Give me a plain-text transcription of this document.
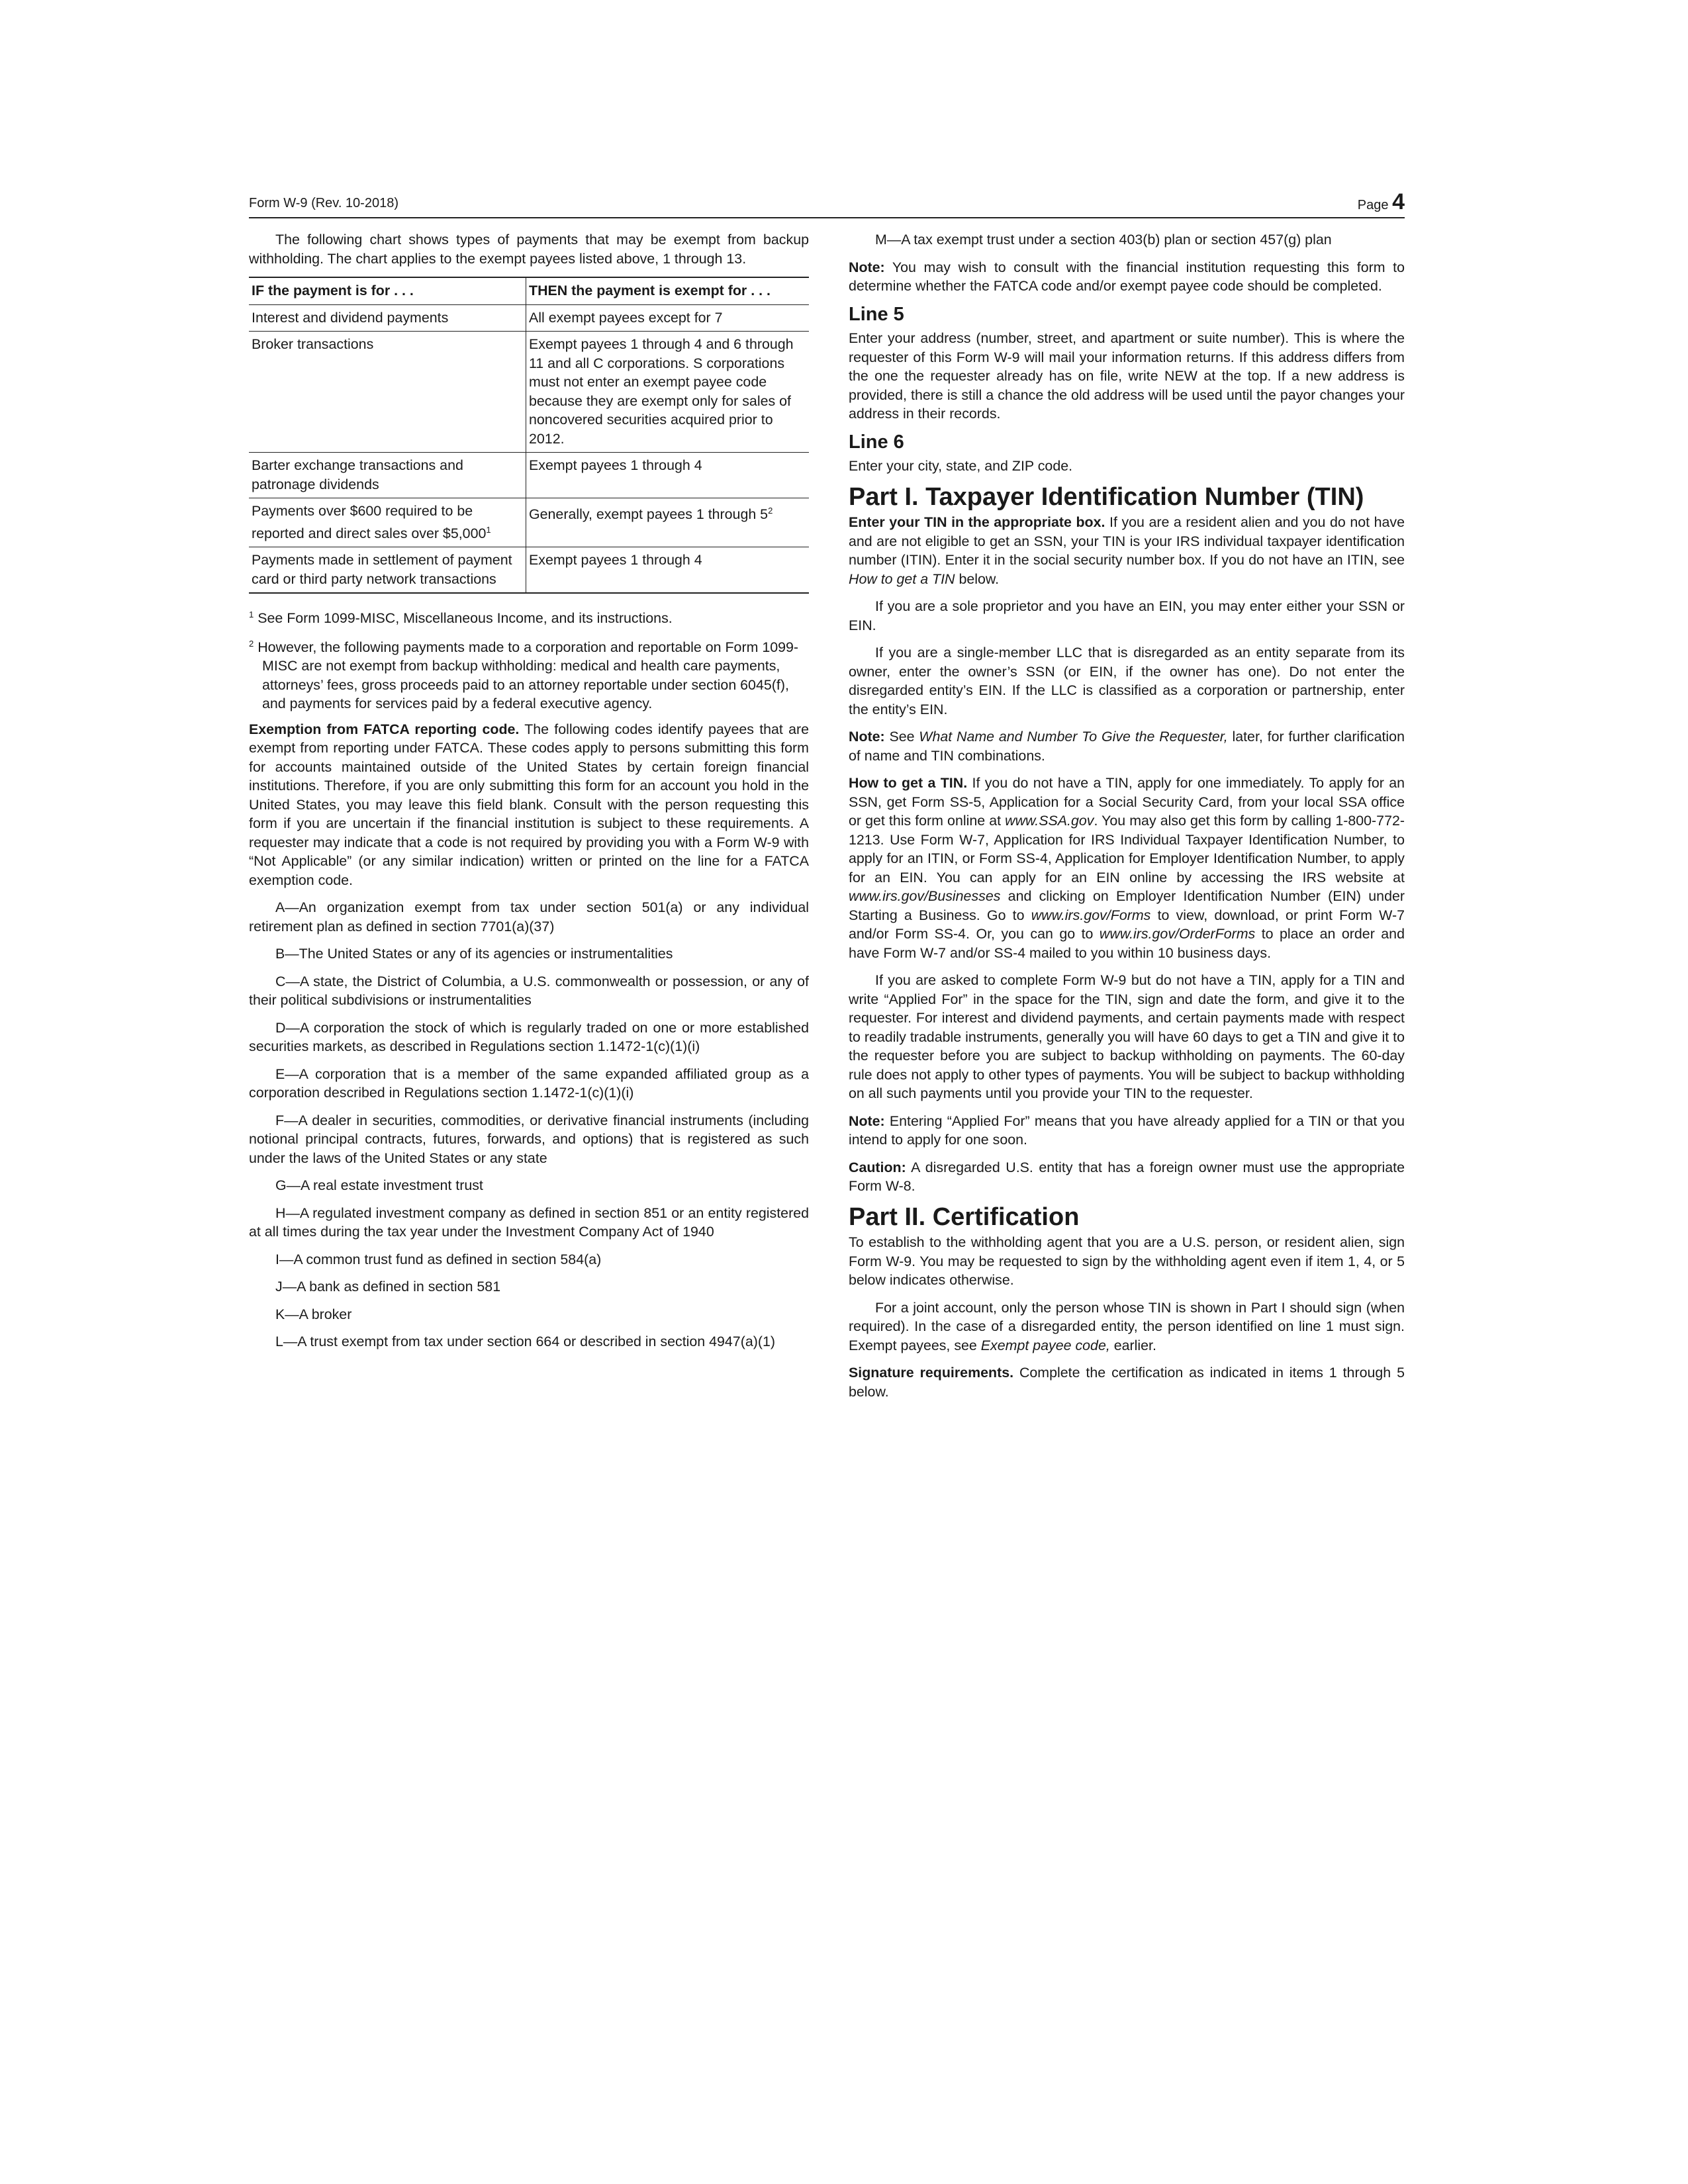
Form W-9 (Rev. 10-2018)	Page 4

The following chart shows types of payments that may be exempt from backup withholding. The chart applies to the exempt payees listed above, 1 through 13.

IF the payment is for . . .	THEN the payment is exempt for . . .
Interest and dividend payments	All exempt payees except for 7
Broker transactions	Exempt payees 1 through 4 and 6 through 11 and all C corporations. S corporations must not enter an exempt payee code because they are exempt only for sales of noncovered securities acquired prior to 2012.
Barter exchange transactions and patronage dividends	Exempt payees 1 through 4
Payments over $600 required to be reported and direct sales over $5,000$^1$	Generally, exempt payees 1 through $5^2$
Payments made in settlement of payment card or third party network transactions	Exempt payees 1 through 4
$^1$ See Form 1099-MISC, Miscellaneous Income, and its instructions.
$^2$ However, the following payments made to a corporation and reportable on Form 1099-MISC are not exempt from backup withholding: medical and health care payments, attorneys’ fees, gross proceeds paid to an attorney reportable under section 6045(f), and payments for services paid by a federal executive agency.

Exemption from FATCA reporting code. The following codes identify payees that are exempt from reporting under FATCA. These codes apply to persons submitting this form for accounts maintained outside of the United States by certain foreign financial institutions. Therefore, if you are only submitting this form for an account you hold in the United States, you may leave this field blank. Consult with the person requesting this form if you are uncertain if the financial institution is subject to these requirements. A requester may indicate that a code is not required by providing you with a Form W-9 with “Not Applicable” (or any similar indication) written or printed on the line for a FATCA exemption code.

A—An organization exempt from tax under section 501(a) or any individual retirement plan as defined in section 7701(a)(37)

B—The United States or any of its agencies or instrumentalities

C—A state, the District of Columbia, a U.S. commonwealth or possession, or any of their political subdivisions or instrumentalities

D—A corporation the stock of which is regularly traded on one or more established securities markets, as described in Regulations section 1.1472-1(c)(1)(i)

E—A corporation that is a member of the same expanded affiliated group as a corporation described in Regulations section 1.1472-1(c)(1)(i)

F—A dealer in securities, commodities, or derivative financial instruments (including notional principal contracts, futures, forwards, and options) that is registered as such under the laws of the United States or any state

G—A real estate investment trust

H—A regulated investment company as defined in section 851 or an entity registered at all times during the tax year under the Investment Company Act of 1940

I—A common trust fund as defined in section 584(a)

J—A bank as defined in section 581

K—A broker

L—A trust exempt from tax under section 664 or described in section 4947(a)(1)

M—A tax exempt trust under a section 403(b) plan or section 457(g) plan

Note: You may wish to consult with the financial institution requesting this form to determine whether the FATCA code and/or exempt payee code should be completed.

Line 5

Enter your address (number, street, and apartment or suite number). This is where the requester of this Form W-9 will mail your information returns. If this address differs from the one the requester already has on file, write NEW at the top. If a new address is provided, there is still a chance the old address will be used until the payor changes your address in their records.

Line 6

Enter your city, state, and ZIP code.

Part I. Taxpayer Identification Number (TIN)

Enter your TIN in the appropriate box. If you are a resident alien and you do not have and are not eligible to get an SSN, your TIN is your IRS individual taxpayer identification number (ITIN). Enter it in the social security number box. If you do not have an ITIN, see How to get a TIN below.

If you are a sole proprietor and you have an EIN, you may enter either your SSN or EIN.

If you are a single-member LLC that is disregarded as an entity separate from its owner, enter the owner’s SSN (or EIN, if the owner has one). Do not enter the disregarded entity’s EIN. If the LLC is classified as a corporation or partnership, enter the entity’s EIN.

Note: See What Name and Number To Give the Requester, later, for further clarification of name and TIN combinations.

How to get a TIN. If you do not have a TIN, apply for one immediately. To apply for an SSN, get Form SS-5, Application for a Social Security Card, from your local SSA office or get this form online at www.SSA.gov. You may also get this form by calling 1-800-772-1213. Use Form W-7, Application for IRS Individual Taxpayer Identification Number, to apply for an ITIN, or Form SS-4, Application for Employer Identification Number, to apply for an EIN. You can apply for an EIN online by accessing the IRS website at www.irs.gov/Businesses and clicking on Employer Identification Number (EIN) under Starting a Business. Go to www.irs.gov/Forms to view, download, or print Form W-7 and/or Form SS-4. Or, you can go to www.irs.gov/OrderForms to place an order and have Form W-7 and/or SS-4 mailed to you within 10 business days.

If you are asked to complete Form W-9 but do not have a TIN, apply for a TIN and write “Applied For” in the space for the TIN, sign and date the form, and give it to the requester. For interest and dividend payments, and certain payments made with respect to readily tradable instruments, generally you will have 60 days to get a TIN and give it to the requester before you are subject to backup withholding on payments. The 60-day rule does not apply to other types of payments. You will be subject to backup withholding on all such payments until you provide your TIN to the requester.

Note: Entering “Applied For” means that you have already applied for a TIN or that you intend to apply for one soon.

Caution: A disregarded U.S. entity that has a foreign owner must use the appropriate Form W-8.

Part II. Certification

To establish to the withholding agent that you are a U.S. person, or resident alien, sign Form W-9. You may be requested to sign by the withholding agent even if item 1, 4, or 5 below indicates otherwise.

For a joint account, only the person whose TIN is shown in Part I should sign (when required). In the case of a disregarded entity, the person identified on line 1 must sign. Exempt payees, see Exempt payee code, earlier.

Signature requirements. Complete the certification as indicated in items 1 through 5 below.
